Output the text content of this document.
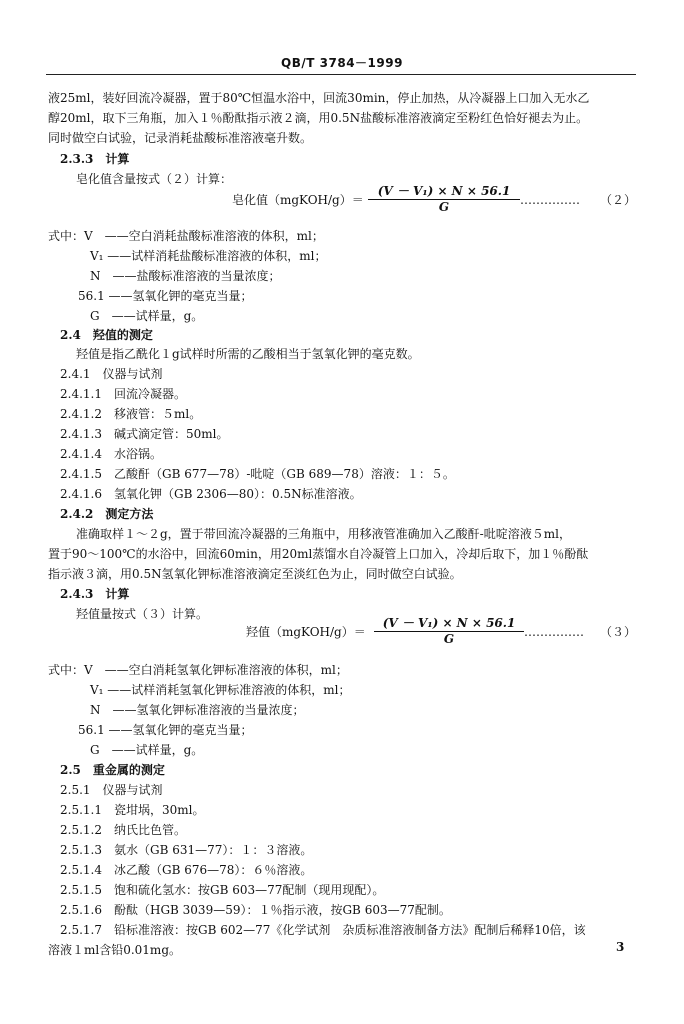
QB/T 3784－1999
液25ml，装好回流冷凝器，置于80℃恒温水浴中，回流30min，停止加热，从冷凝器上口加入无水乙
醇20ml，取下三角瓶，加入１％酚酞指示液２滴，用0.5N盐酸标准溶液滴定至粉红色恰好褪去为止。
同时做空白试验，记录消耗盐酸标准溶液毫升数。
2.3.3　计算
皂化值含量按式（２）计算：
式中：V　——空白消耗盐酸标准溶液的体积，ml；
V₁ ——试样消耗盐酸标准溶液的体积，ml；
N　——盐酸标准溶液的当量浓度；
56.1 ——氢氧化钾的毫克当量；
G　——试样量，g。
2.4　羟值的测定
羟值是指乙酰化１g试样时所需的乙酸相当于氢氧化钾的毫克数。
2.4.1　仪器与试剂
2.4.1.1　回流冷凝器。
2.4.1.2　移液管：５ml。
2.4.1.3　碱式滴定管：50ml。
2.4.1.4　水浴锅。
2.4.1.5　乙酸酐（GB 677—78）-吡啶（GB 689—78）溶液：１：５。
2.4.1.6　氢氧化钾（GB 2306—80）：0.5N标准溶液。
2.4.2　测定方法
准确取样１～２g，置于带回流冷凝器的三角瓶中，用移液管准确加入乙酸酐-吡啶溶液５ml，
置于90～100℃的水浴中，回流60min，用20ml蒸馏水自冷凝管上口加入，冷却后取下，加１％酚酞
指示液３滴，用0.5N氢氧化钾标准溶液滴定至淡红色为止，同时做空白试验。
2.4.3　计算
羟值量按式（３）计算。
式中：V　——空白消耗氢氧化钾标准溶液的体积，ml；
V₁ ——试样消耗氢氧化钾标准溶液的体积，ml；
N　——氢氧化钾标准溶液的当量浓度；
56.1 ——氢氧化钾的毫克当量；
G　——试样量，g。
2.5　重金属的测定
2.5.1　仪器与试剂
2.5.1.1　瓷坩埚，30ml。
2.5.1.2　纳氏比色管。
2.5.1.3　氨水（GB 631—77）：１：３溶液。
2.5.1.4　冰乙酸（GB 676—78）：６％溶液。
2.5.1.5　饱和硫化氢水：按GB 603—77配制（现用现配）。
2.5.1.6　酚酞（HGB 3039—59）：１％指示液，按GB 603—77配制。
2.5.1.7　铅标准溶液：按GB 602—77《化学试剂　杂质标准溶液制备方法》配制后稀释10倍，该
溶液１ml含铅0.01mg。
皂化值（mgKOH/g）＝ $\frac{\text{(V － V₁) × N × 56.1}}{G}$ …………… （２）
羟值（mgKOH/g）＝ $\frac{\text{(V － V₁) × N × 56.1}}{G}$ …………… （３）
3
